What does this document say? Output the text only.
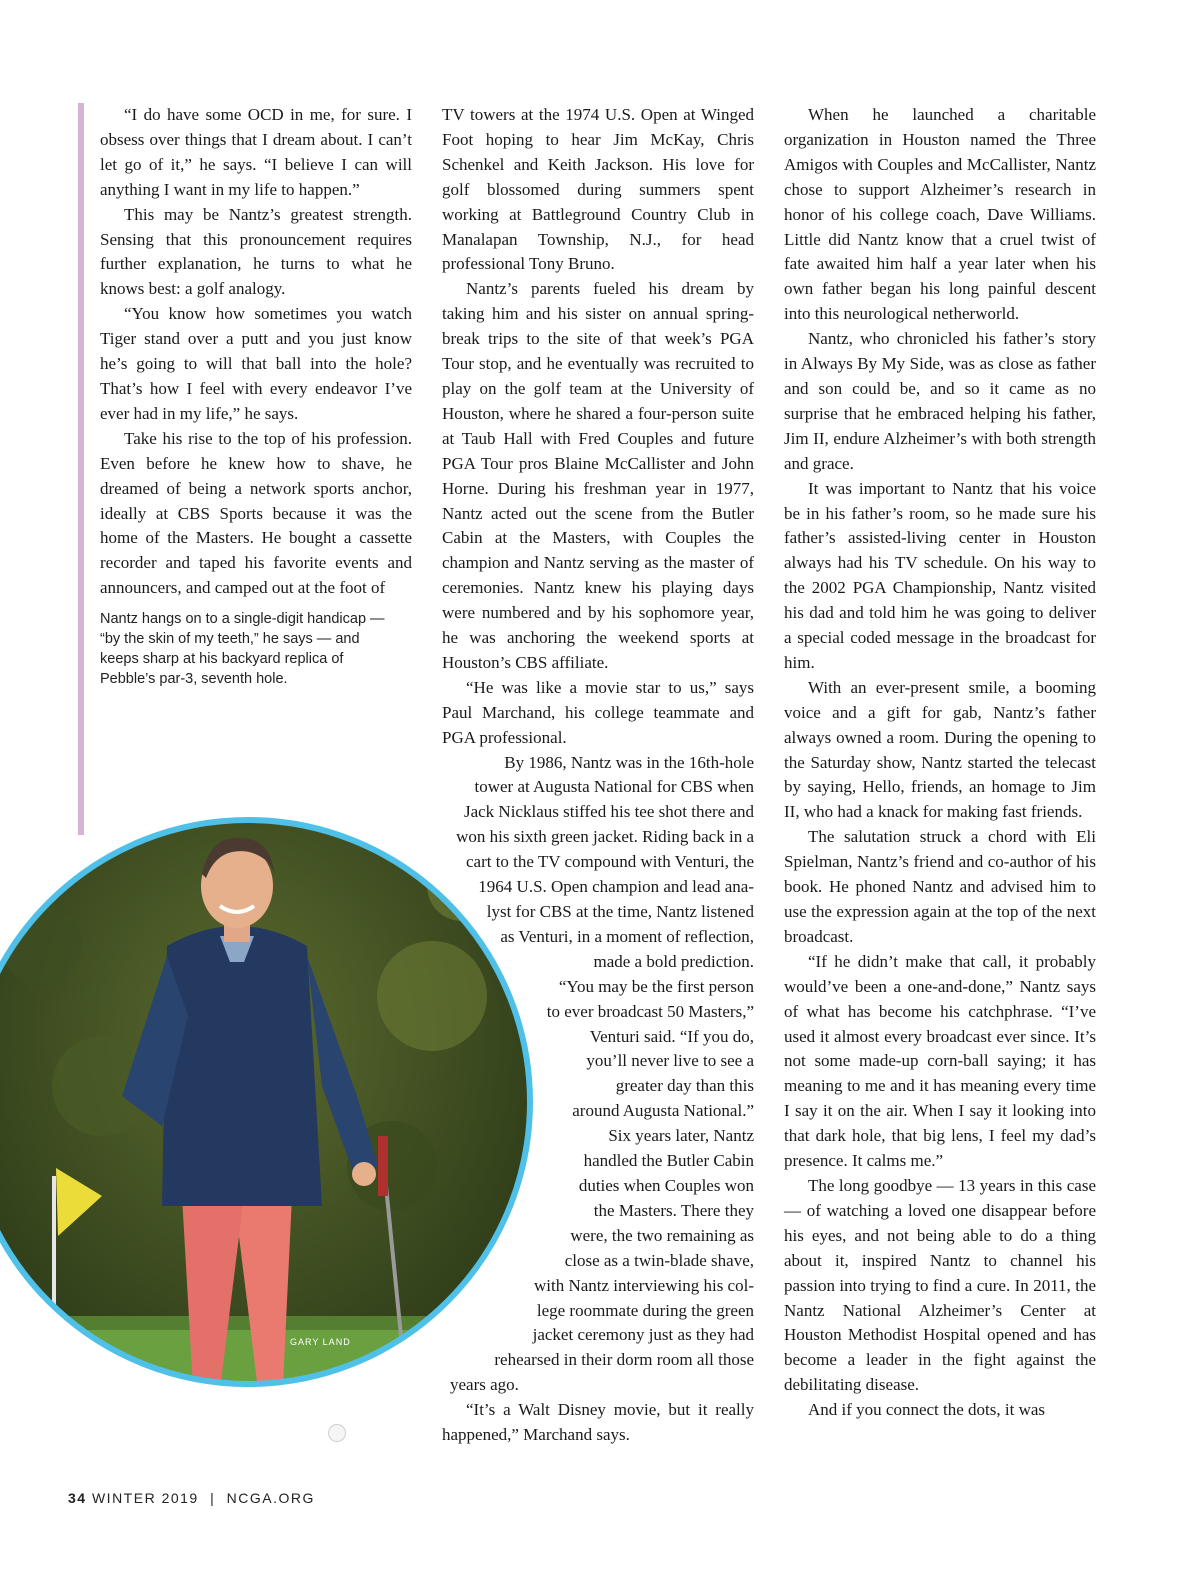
“I do have some OCD in me, for sure. I obsess over things that I dream about. I can’t let go of it,” he says. “I believe I can will anything I want in my life to happen.”

This may be Nantz’s greatest strength. Sensing that this pronouncement requires further explanation, he turns to what he knows best: a golf analogy.

“You know how sometimes you watch Tiger stand over a putt and you just know he’s going to will that ball into the hole? That’s how I feel with every endeavor I’ve ever had in my life,” he says.

Take his rise to the top of his profession. Even before he knew how to shave, he dreamed of being a network sports anchor, ideally at CBS Sports because it was the home of the Masters. He bought a cassette recorder and taped his favorite events and announcers, and camped out at the foot of

Nantz hangs on to a single-digit handicap — “by the skin of my teeth,” he says — and keeps sharp at his backyard replica of Pebble’s par-3, seventh hole.
GARY LAND

TV towers at the 1974 U.S. Open at Winged Foot hoping to hear Jim McKay, Chris Schenkel and Keith Jackson. His love for golf blossomed during summers spent working at Battleground Country Club in Manalapan Township, N.J., for head professional Tony Bruno.

Nantz’s parents fueled his dream by taking him and his sister on annual spring-break trips to the site of that week’s PGA Tour stop, and he eventually was recruited to play on the golf team at the University of Houston, where he shared a four-person suite at Taub Hall with Fred Couples and future PGA Tour pros Blaine McCallister and John Horne. During his freshman year in 1977, Nantz acted out the scene from the Butler Cabin at the Masters, with Couples the champion and Nantz serving as the master of ceremonies. Nantz knew his playing days were numbered and by his sophomore year, he was anchoring the weekend sports at Houston’s CBS affiliate.

“He was like a movie star to us,” says Paul Marchand, his college teammate and PGA professional.

By 1986, Nantz was in the 16th-hole

tower at Augusta National for CBS when

Jack Nicklaus stiffed his tee shot there and

won his sixth green jacket. Riding back in a

cart to the TV compound with Venturi, the

1964 U.S. Open champion and lead ana-

lyst for CBS at the time, Nantz listened

as Venturi, in a moment of reflection,

made a bold prediction.

“You may be the first person

to ever broadcast 50 Masters,”

Venturi said. “If you do,

you’ll never live to see a

greater day than this

around Augusta National.”

Six years later, Nantz

handled the Butler Cabin

duties when Couples won

the Masters. There they

were, the two remaining as

close as a twin-blade shave,

with Nantz interviewing his col-

lege roommate during the green

jacket ceremony just as they had

rehearsed in their dorm room all those

years ago.

“It’s a Walt Disney movie, but it really happened,” Marchand says.

When he launched a charitable organization in Houston named the Three Amigos with Couples and McCallister, Nantz chose to support Alzheimer’s research in honor of his college coach, Dave Williams. Little did Nantz know that a cruel twist of fate awaited him half a year later when his own father began his long painful descent into this neurological netherworld.

Nantz, who chronicled his father’s story in Always By My Side, was as close as father and son could be, and so it came as no surprise that he embraced helping his father, Jim II, endure Alzheimer’s with both strength and grace.

It was important to Nantz that his voice be in his father’s room, so he made sure his father’s assisted-living center in Houston always had his TV schedule. On his way to the 2002 PGA Championship, Nantz visited his dad and told him he was going to deliver a special coded message in the broadcast for him.

With an ever-present smile, a booming voice and a gift for gab, Nantz’s father always owned a room. During the opening to the Saturday show, Nantz started the telecast by saying, Hello, friends, an homage to Jim II, who had a knack for making fast friends.

The salutation struck a chord with Eli Spielman, Nantz’s friend and co-author of his book. He phoned Nantz and advised him to use the expression again at the top of the next broadcast.

“If he didn’t make that call, it probably would’ve been a one-and-done,” Nantz says of what has become his catchphrase. “I’ve used it almost every broadcast ever since. It’s not some made-up corn-ball saying; it has meaning to me and it has meaning every time I say it on the air. When I say it looking into that dark hole, that big lens, I feel my dad’s presence. It calms me.”

The long goodbye — 13 years in this case — of watching a loved one disappear before his eyes, and not being able to do a thing about it, inspired Nantz to channel his passion into trying to find a cure. In 2011, the Nantz National Alzheimer’s Center at Houston Methodist Hospital opened and has become a leader in the fight against the debilitating disease.

And if you connect the dots, it was

34 WINTER 2019 | NCGA.ORG
